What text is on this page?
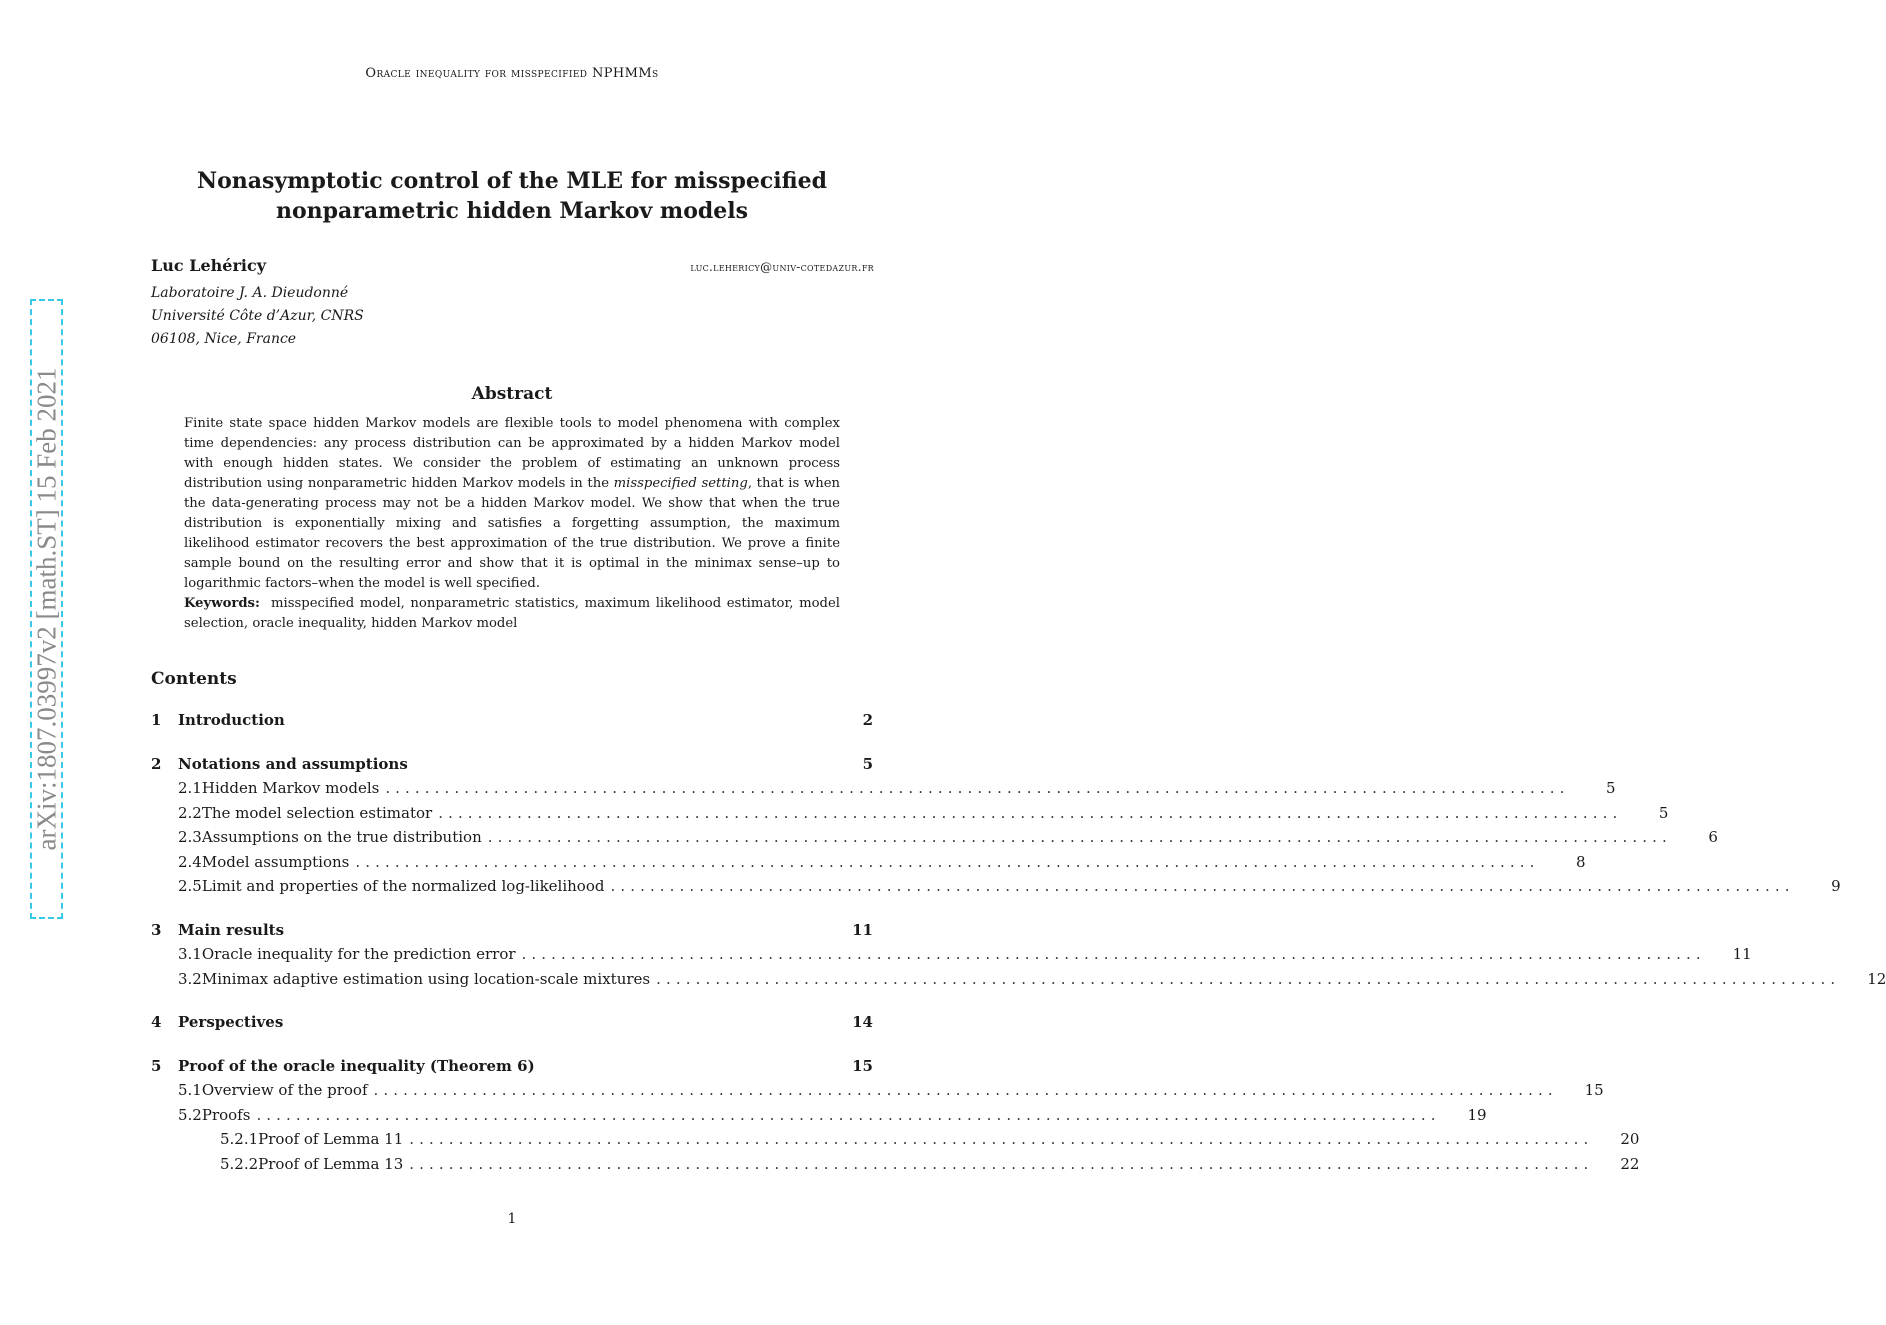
Oracle inequality for misspecified NPHMMs
Nonasymptotic control of the MLE for misspecified
nonparametric hidden Markov models
Luc Lehéricy	luc.lehericy@univ-cotedazur.fr
Laboratoire J. A. Dieudonné
Université Côte d’Azur, CNRS
06108, Nice, France
Abstract

Finite state space hidden Markov models are flexible tools to model phenomena with complex time dependencies: any process distribution can be approximated by a hidden Markov model with enough hidden states. We consider the problem of estimating an unknown process distribution using nonparametric hidden Markov models in the misspecified setting, that is when the data-generating process may not be a hidden Markov model. We show that when the true distribution is exponentially mixing and satisfies a forgetting assumption, the maximum likelihood estimator recovers the best approximation of the true distribution. We prove a finite sample bound on the resulting error and show that it is optimal in the minimax sense–up to logarithmic factors–when the model is well specified.

Keywords: misspecified model, nonparametric statistics, maximum likelihood estimator, model selection, oracle inequality, hidden Markov model

Contents
1	Introduction	2
2	Notations and assumptions	5
2.1 Hidden Markov models ........................................................................................................................	5
2.2 The model selection estimator ........................................................................................................................	5
2.3 Assumptions on the true distribution ........................................................................................................................	6
2.4 Model assumptions ........................................................................................................................	8
2.5 Limit and properties of the normalized log-likelihood ........................................................................................................................	9
3	Main results	11
3.1 Oracle inequality for the prediction error ........................................................................................................................	11
3.2 Minimax adaptive estimation using location-scale mixtures ........................................................................................................................	12
4	Perspectives	14
5	Proof of the oracle inequality (Theorem 6)	15
5.1 Overview of the proof ........................................................................................................................	15
5.2 Proofs ........................................................................................................................	19
5.2.1 Proof of Lemma 11 ........................................................................................................................	20
5.2.2 Proof of Lemma 13 ........................................................................................................................	22
1
arXiv:1807.03997v2 [math.ST] 15 Feb 2021
